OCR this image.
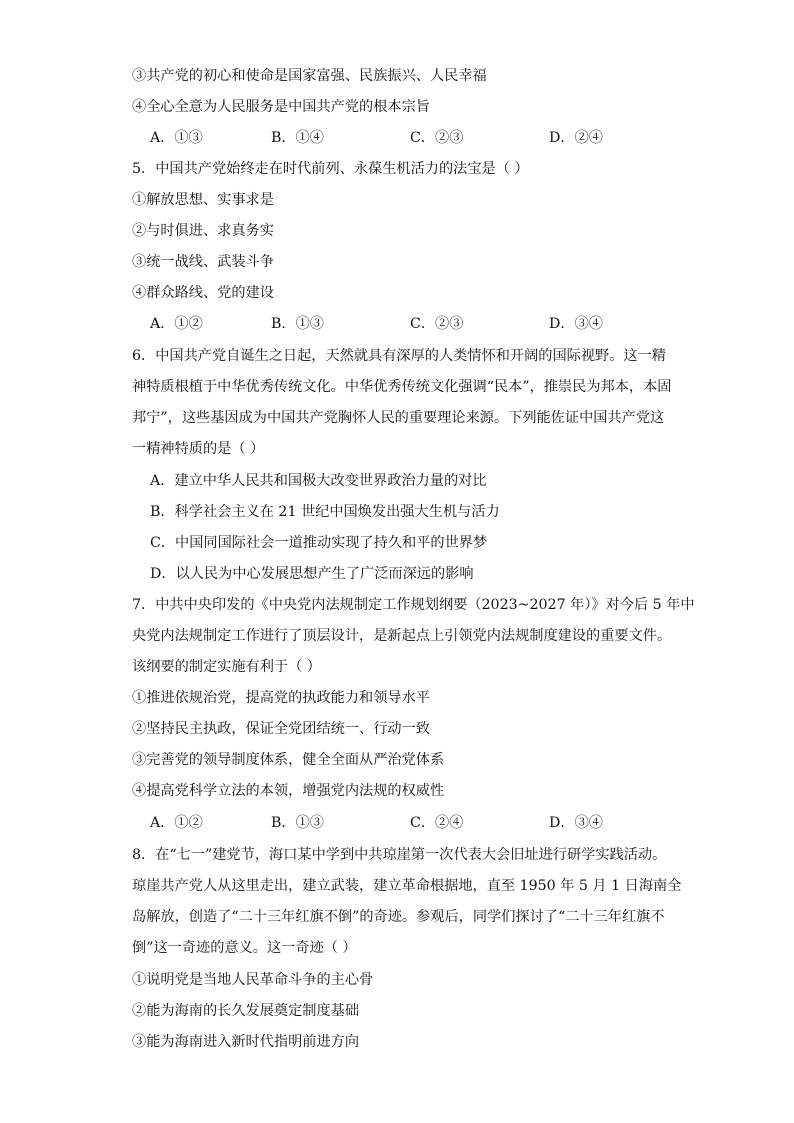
③共产党的初心和使命是国家富强、民族振兴、人民幸福
④全心全意为人民服务是中国共产党的根本宗旨
A．①③	B．①④	C．②③	D．②④
5．中国共产党始终走在时代前列、永葆生机活力的法宝是（ ）
①解放思想、实事求是
②与时俱进、求真务实
③统一战线、武装斗争
④群众路线、党的建设
A．①②	B．①③	C．②③	D．③④
6．中国共产党自诞生之日起，天然就具有深厚的人类情怀和开阔的国际视野。这一精
神特质根植于中华优秀传统文化。中华优秀传统文化强调“民本”，推崇民为邦本，本固
邦宁”，这些基因成为中国共产党胸怀人民的重要理论来源。下列能佐证中国共产党这
一精神特质的是（ ）
A．建立中华人民共和国极大改变世界政治力量的对比
B．科学社会主义在 21 世纪中国焕发出强大生机与活力
C．中国同国际社会一道推动实现了持久和平的世界梦
D．以人民为中心发展思想产生了广泛而深远的影响
7．中共中央印发的《中央党内法规制定工作规划纲要（2023~2027 年）》对今后 5 年中
央党内法规制定工作进行了顶层设计，是新起点上引领党内法规制度建设的重要文件。
该纲要的制定实施有利于（ ）
①推进依规治党，提高党的执政能力和领导水平
②坚持民主执政，保证全党团结统一、行动一致
③完善党的领导制度体系，健全全面从严治党体系
④提高党科学立法的本领，增强党内法规的权威性
A．①②	B．①③	C．②④	D．③④
8．在“七一”建党节，海口某中学到中共琼崖第一次代表大会旧址进行研学实践活动。
琼崖共产党人从这里走出，建立武装，建立革命根据地，直至 1950 年 5 月 1 日海南全
岛解放，创造了“二十三年红旗不倒”的奇迹。参观后，同学们探讨了“二十三年红旗不
倒”这一奇迹的意义。这一奇迹（ ）
①说明党是当地人民革命斗争的主心骨
②能为海南的长久发展奠定制度基础
③能为海南进入新时代指明前进方向
